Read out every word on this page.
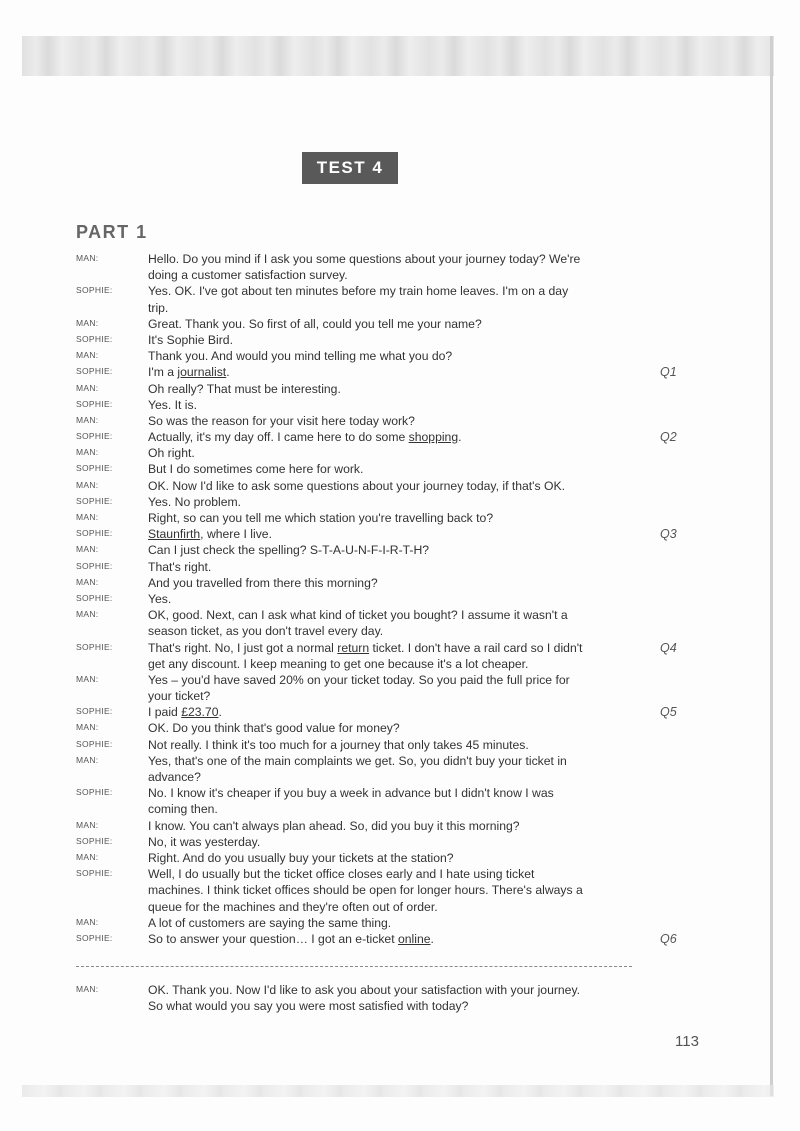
TEST 4
PART 1
MAN:	Hello. Do you mind if I ask you some questions about your journey today? We're
doing a customer satisfaction survey.
SOPHIE:	Yes. OK. I've got about ten minutes before my train home leaves. I'm on a day
trip.
MAN:	Great. Thank you. So first of all, could you tell me your name?
SOPHIE:	It's Sophie Bird.
MAN:	Thank you. And would you mind telling me what you do?
SOPHIE:	I'm a journalist.	Q1
MAN:	Oh really? That must be interesting.
SOPHIE:	Yes. It is.
MAN:	So was the reason for your visit here today work?
SOPHIE:	Actually, it's my day off. I came here to do some shopping.	Q2
MAN:	Oh right.
SOPHIE:	But I do sometimes come here for work.
MAN:	OK. Now I'd like to ask some questions about your journey today, if that's OK.
SOPHIE:	Yes. No problem.
MAN:	Right, so can you tell me which station you're travelling back to?
SOPHIE:	Staunfirth, where I live.	Q3
MAN:	Can I just check the spelling? S-T-A-U-N-F-I-R-T-H?
SOPHIE:	That's right.
MAN:	And you travelled from there this morning?
SOPHIE:	Yes.
MAN:	OK, good. Next, can I ask what kind of ticket you bought? I assume it wasn't a
season ticket, as you don't travel every day.
SOPHIE:	That's right. No, I just got a normal return ticket. I don't have a rail card so I didn't	Q4
get any discount. I keep meaning to get one because it's a lot cheaper.
MAN:	Yes – you'd have saved 20% on your ticket today. So you paid the full price for
your ticket?
SOPHIE:	I paid £23.70.	Q5
MAN:	OK. Do you think that's good value for money?
SOPHIE:	Not really. I think it's too much for a journey that only takes 45 minutes.
MAN:	Yes, that's one of the main complaints we get. So, you didn't buy your ticket in
advance?
SOPHIE:	No. I know it's cheaper if you buy a week in advance but I didn't know I was
coming then.
MAN:	I know. You can't always plan ahead. So, did you buy it this morning?
SOPHIE:	No, it was yesterday.
MAN:	Right. And do you usually buy your tickets at the station?
SOPHIE:	Well, I do usually but the ticket office closes early and I hate using ticket
machines. I think ticket offices should be open for longer hours. There's always a
queue for the machines and they're often out of order.
MAN:	A lot of customers are saying the same thing.
SOPHIE:	So to answer your question… I got an e-ticket online.	Q6
MAN:	OK. Thank you. Now I'd like to ask you about your satisfaction with your journey.
So what would you say you were most satisfied with today?
113
